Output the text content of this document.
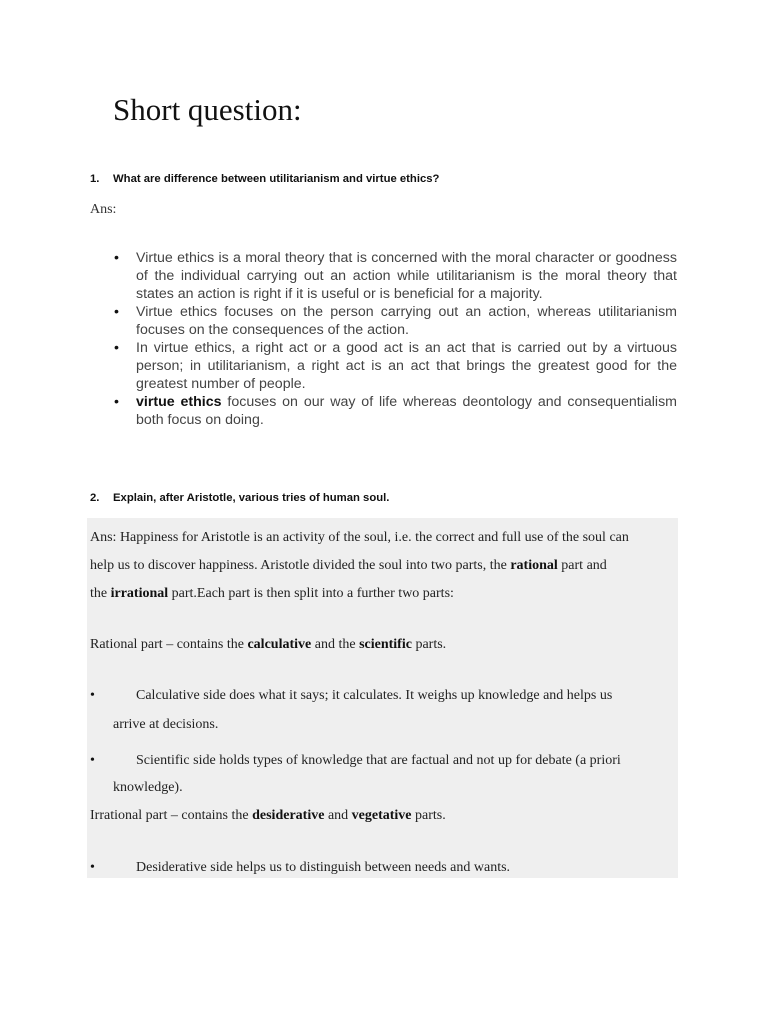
Short question:
1. What are difference between utilitarianism and virtue ethics?
Ans:
• Virtue ethics is a moral theory that is concerned with the moral character or goodness of the individual carrying out an action while utilitarianism is the moral theory that states an action is right if it is useful or is beneficial for a majority.
• Virtue ethics focuses on the person carrying out an action, whereas utilitarianism focuses on the consequences of the action.
• In virtue ethics, a right act or a good act is an act that is carried out by a virtuous person; in utilitarianism, a right act is an act that brings the greatest good for the greatest number of people.
• virtue ethics focuses on our way of life whereas deontology and consequentialism both focus on doing.
2. Explain, after Aristotle, various tries of human soul.
Ans: Happiness for Aristotle is an activity of the soul, i.e. the correct and full use of the soul can
help us to discover happiness. Aristotle divided the soul into two parts, the rational part and
the irrational part.Each part is then split into a further two parts:
Rational part – contains the calculative and the scientific parts.
•	Calculative side does what it says; it calculates. It weighs up knowledge and helps us
arrive at decisions.
•	Scientific side holds types of knowledge that are factual and not up for debate (a priori
knowledge).
Irrational part – contains the desiderative and vegetative parts.
•	Desiderative side helps us to distinguish between needs and wants.
